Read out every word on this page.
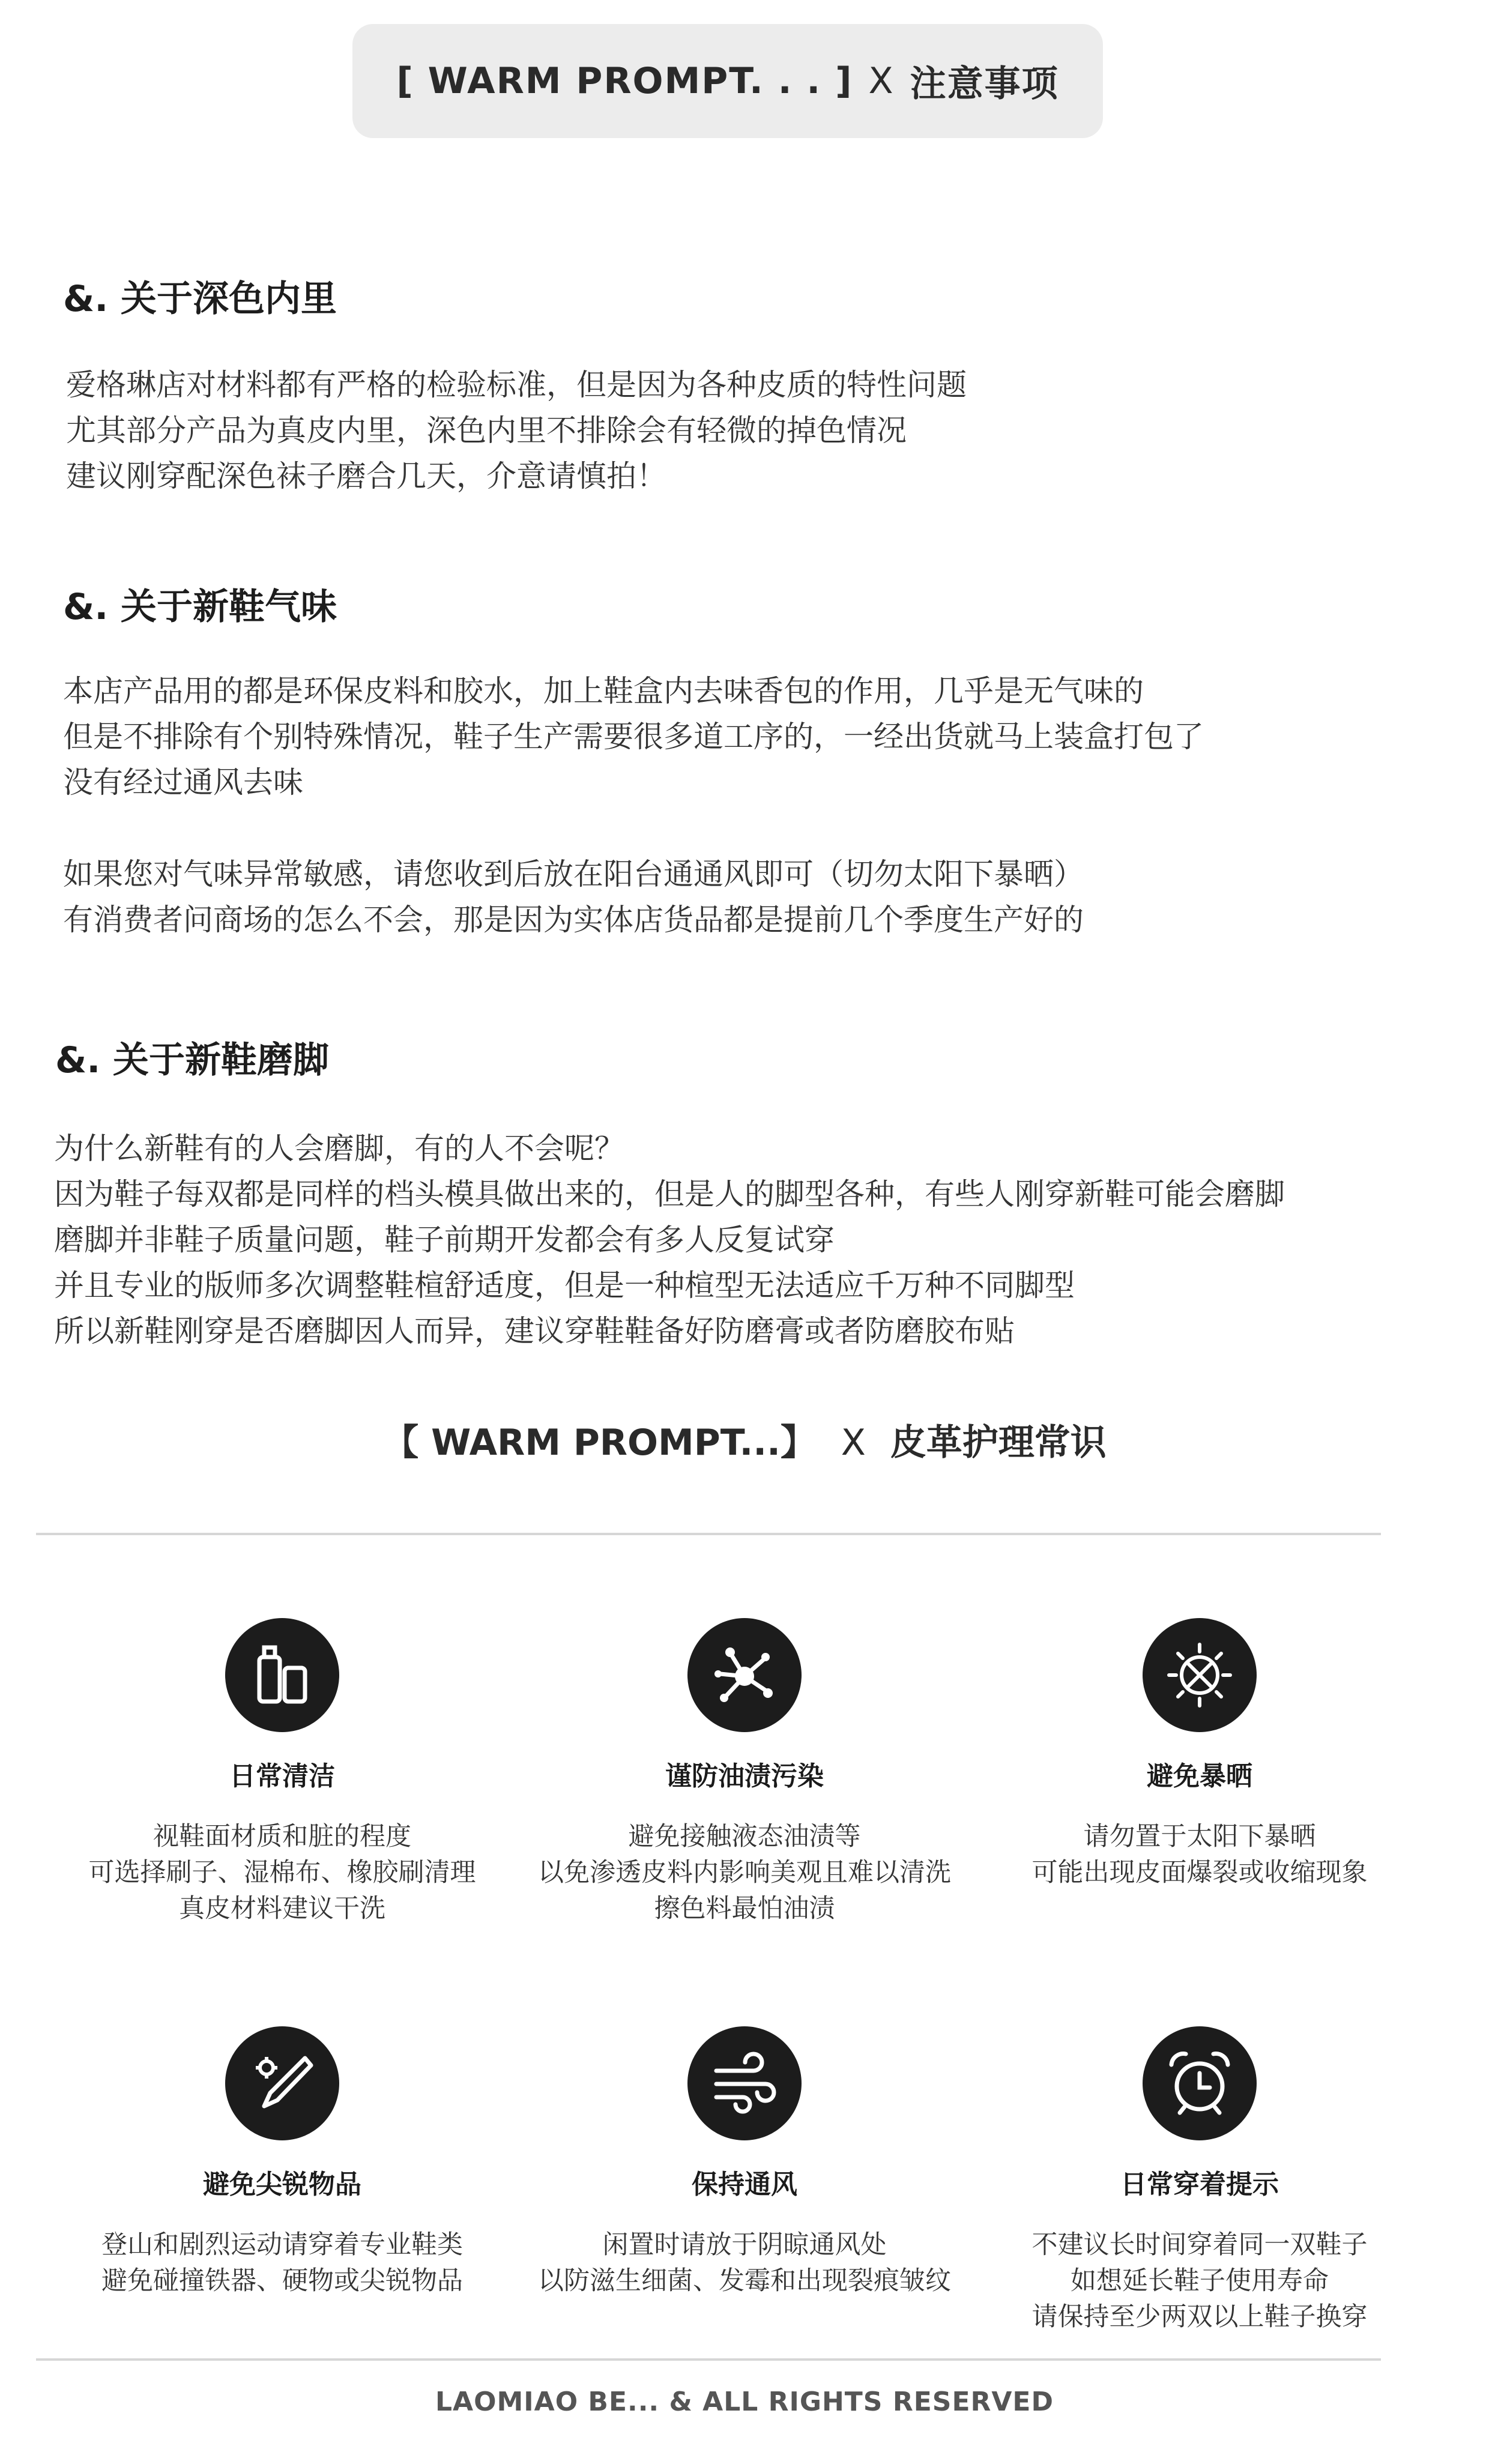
[ WARM PROMPT. . . ] X 注意事项
&. 关于深色内里
爱格琳店对材料都有严格的检验标准，但是因为各种皮质的特性问题
尤其部分产品为真皮内里，深色内里不排除会有轻微的掉色情况
建议刚穿配深色袜子磨合几天，介意请慎拍！
&. 关于新鞋气味
本店产品用的都是环保皮料和胶水，加上鞋盒内去味香包的作用，几乎是无气味的
但是不排除有个别特殊情况，鞋子生产需要很多道工序的，一经出货就马上装盒打包了
没有经过通风去味
如果您对气味异常敏感，请您收到后放在阳台通通风即可（切勿太阳下暴晒）
有消费者问商场的怎么不会，那是因为实体店货品都是提前几个季度生产好的
&. 关于新鞋磨脚
为什么新鞋有的人会磨脚，有的人不会呢？
因为鞋子每双都是同样的档头模具做出来的，但是人的脚型各种，有些人刚穿新鞋可能会磨脚
磨脚并非鞋子质量问题，鞋子前期开发都会有多人反复试穿
并且专业的版师多次调整鞋楦舒适度，但是一种楦型无法适应千万种不同脚型
所以新鞋刚穿是否磨脚因人而异，建议穿鞋鞋备好防磨膏或者防磨胶布贴
【 WARM PROMPT...】 X 皮革护理常识
日常清洁
视鞋面材质和脏的程度
可选择刷子、湿棉布、橡胶刷清理
真皮材料建议干洗
谨防油渍污染
避免接触液态油渍等
以免渗透皮料内影响美观且难以清洗
擦色料最怕油渍
避免暴晒
请勿置于太阳下暴晒
可能出现皮面爆裂或收缩现象
避免尖锐物品
登山和剧烈运动请穿着专业鞋类
避免碰撞铁器、硬物或尖锐物品
保持通风
闲置时请放于阴晾通风处
以防滋生细菌、发霉和出现裂痕皱纹
日常穿着提示
不建议长时间穿着同一双鞋子
如想延长鞋子使用寿命
请保持至少两双以上鞋子换穿
LAOMIAO BE... & ALL RIGHTS RESERVED
